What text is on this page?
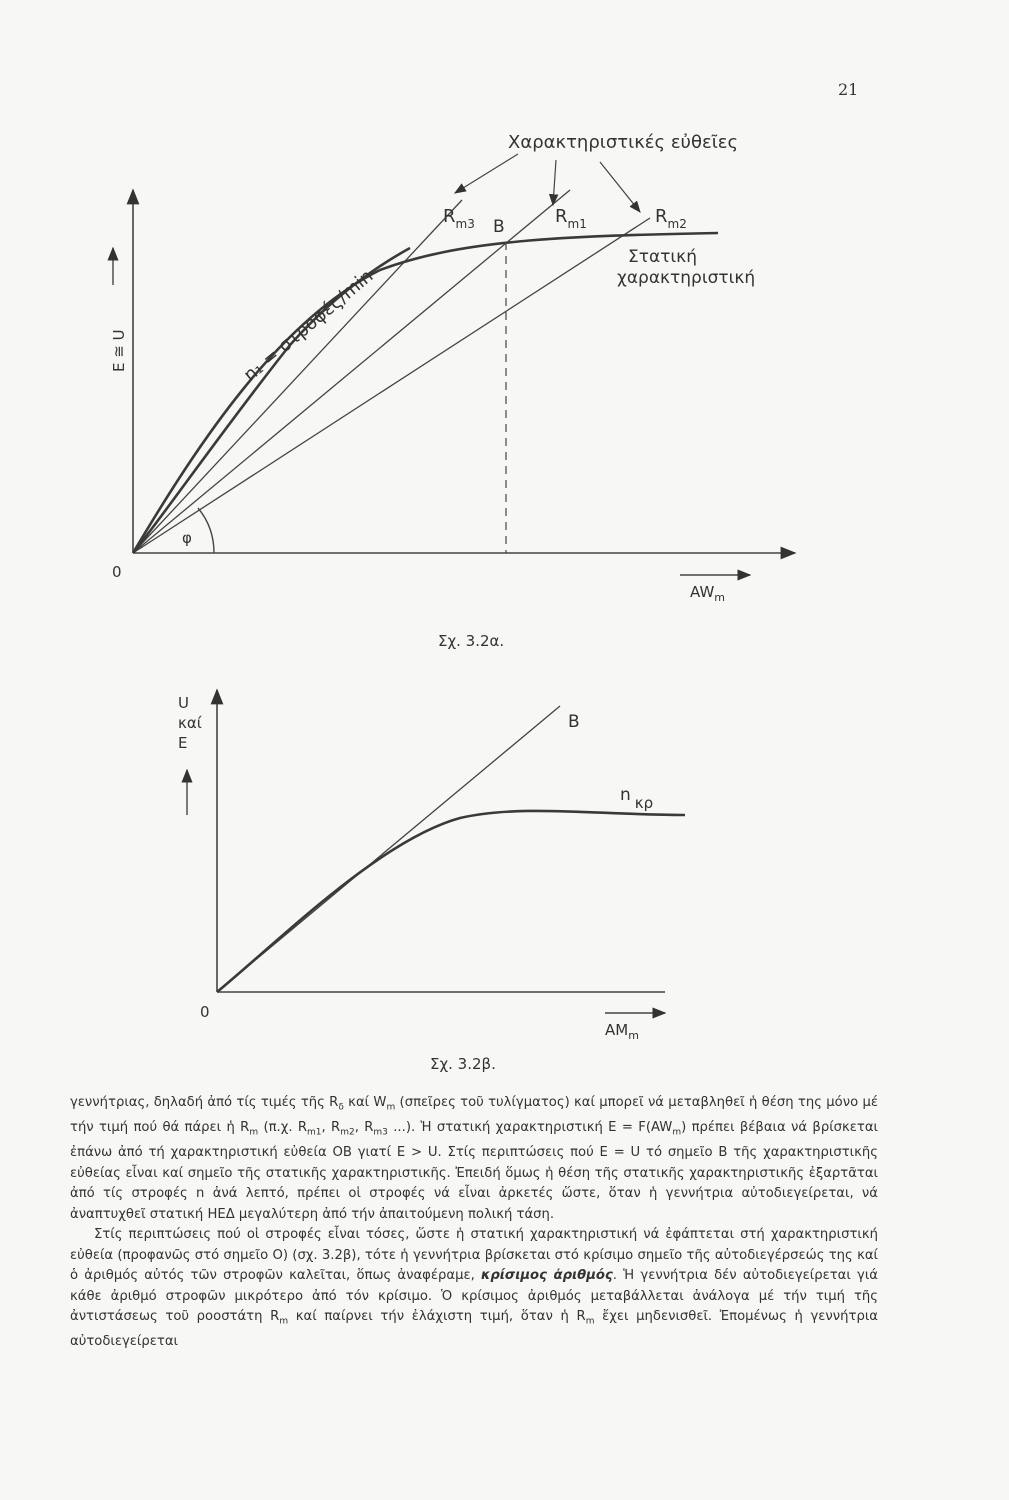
21
Χαρακτηριστικές εὐθεῖες
$R_{m3}$ B	$R_{m1}$	$R_{m2}$
Στατική
χαρακτηριστική
n₁ = στροφές/min
E ≅ U
0
φ
$AW_m$
U
καί
E
B
n κρ
0
$AM_m$
Σχ. 3.2α.
Σχ. 3.2β.

γεννήτριας, δηλαδή ἀπό τίς τιμές τῆς $R_\delta$ καί $W_m$ (σπεῖρες τοῦ τυλίγματος) καί μπορεῖ νά μεταβληθεῖ ἡ θέση της μόνο μέ τήν τιμή πού θά πάρει ἡ $R_m$ (π.χ. $R_{m1}$, $R_{m2}$, $R_{m3}$ ...). Ἡ στατική χαρακτηριστική $E = F(AW_m)$ πρέπει βέβαια νά βρίσκεται ἐπάνω ἀπό τή χαρακτηριστική εὐθεία OB γιατί E > U. Στίς περιπτώσεις πού E = U τό σημεῖο B τῆς χαρακτηριστικῆς εὐθείας εἶναι καί σημεῖο τῆς στατικῆς χαρακτηριστικῆς. Ἐπειδή ὅμως ἡ θέση τῆς στατικῆς χαρακτηριστικῆς ἐξαρτᾶται ἀπό τίς στροφές n ἀνά λεπτό, πρέπει οἱ στροφές νά εἶναι ἀρκετές ὥστε, ὅταν ἡ γεννήτρια αὐτοδιεγείρεται, νά ἀναπτυχθεῖ στατική ΗΕΔ μεγαλύτερη ἀπό τήν ἀπαιτούμενη πολική τάση.

Στίς περιπτώσεις πού οἱ στροφές εἶναι τόσες, ὥστε ἡ στατική χαρακτηριστική νά ἐφάπτεται στή χαρακτηριστική εὐθεία (προφανῶς στό σημεῖο O) (σχ. 3.2β), τότε ἡ γεννήτρια βρίσκεται στό κρίσιμο σημεῖο τῆς αὐτοδιεγέρσεώς της καί ὁ ἀριθμός αὐτός τῶν στροφῶν καλεῖται, ὅπως ἀναφέραμε, κρίσιμος ἀριθμός. Ἡ γεννήτρια δέν αὐτοδιεγείρεται γιά κάθε ἀριθμό στροφῶν μικρότερο ἀπό τόν κρίσιμο. Ὁ κρίσιμος ἀριθμός μεταβάλλεται ἀνάλογα μέ τήν τιμή τῆς ἀντιστάσεως τοῦ ροοστάτη $R_m$ καί παίρνει τήν ἐλάχιστη τιμή, ὅταν ἡ $R_m$ ἔχει μηδενισθεῖ. Ἐπομένως ἡ γεννήτρια αὐτοδιεγείρεται
